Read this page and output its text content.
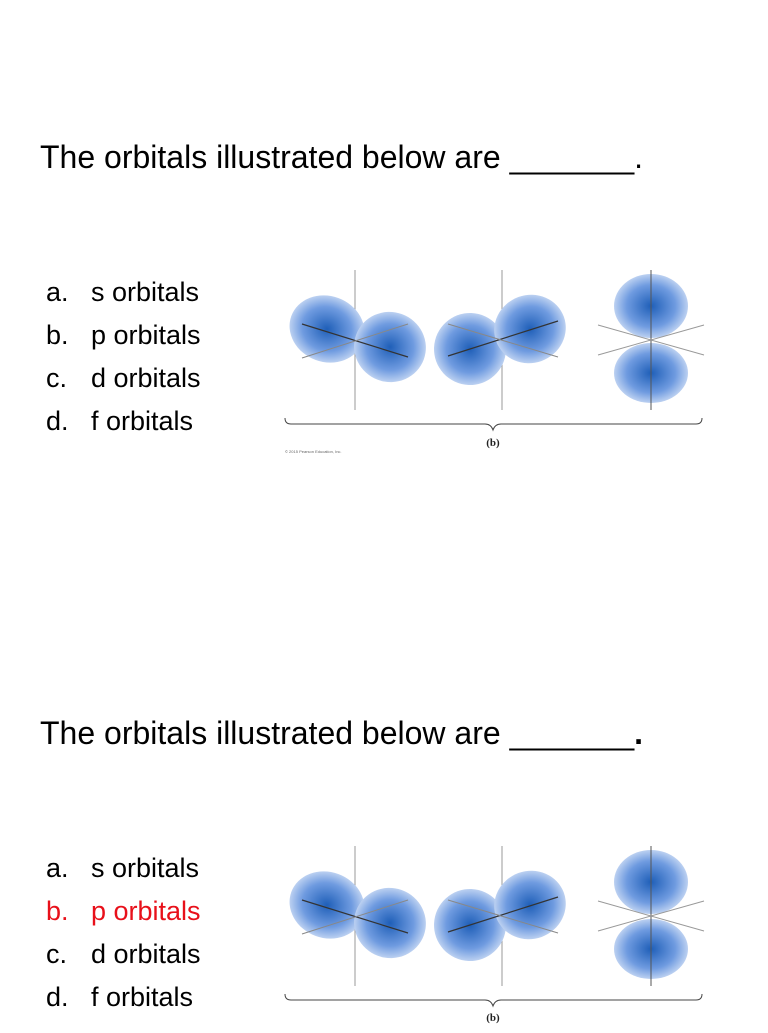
The orbitals illustrated below are _______.
a. s orbitals
b. p orbitals
c. d orbitals
d. f orbitals
(b)
© 2015 Pearson Education, Inc.
The orbitals illustrated below are _______.
a. s orbitals
b. p orbitals
c. d orbitals
d. f orbitals
(b)
